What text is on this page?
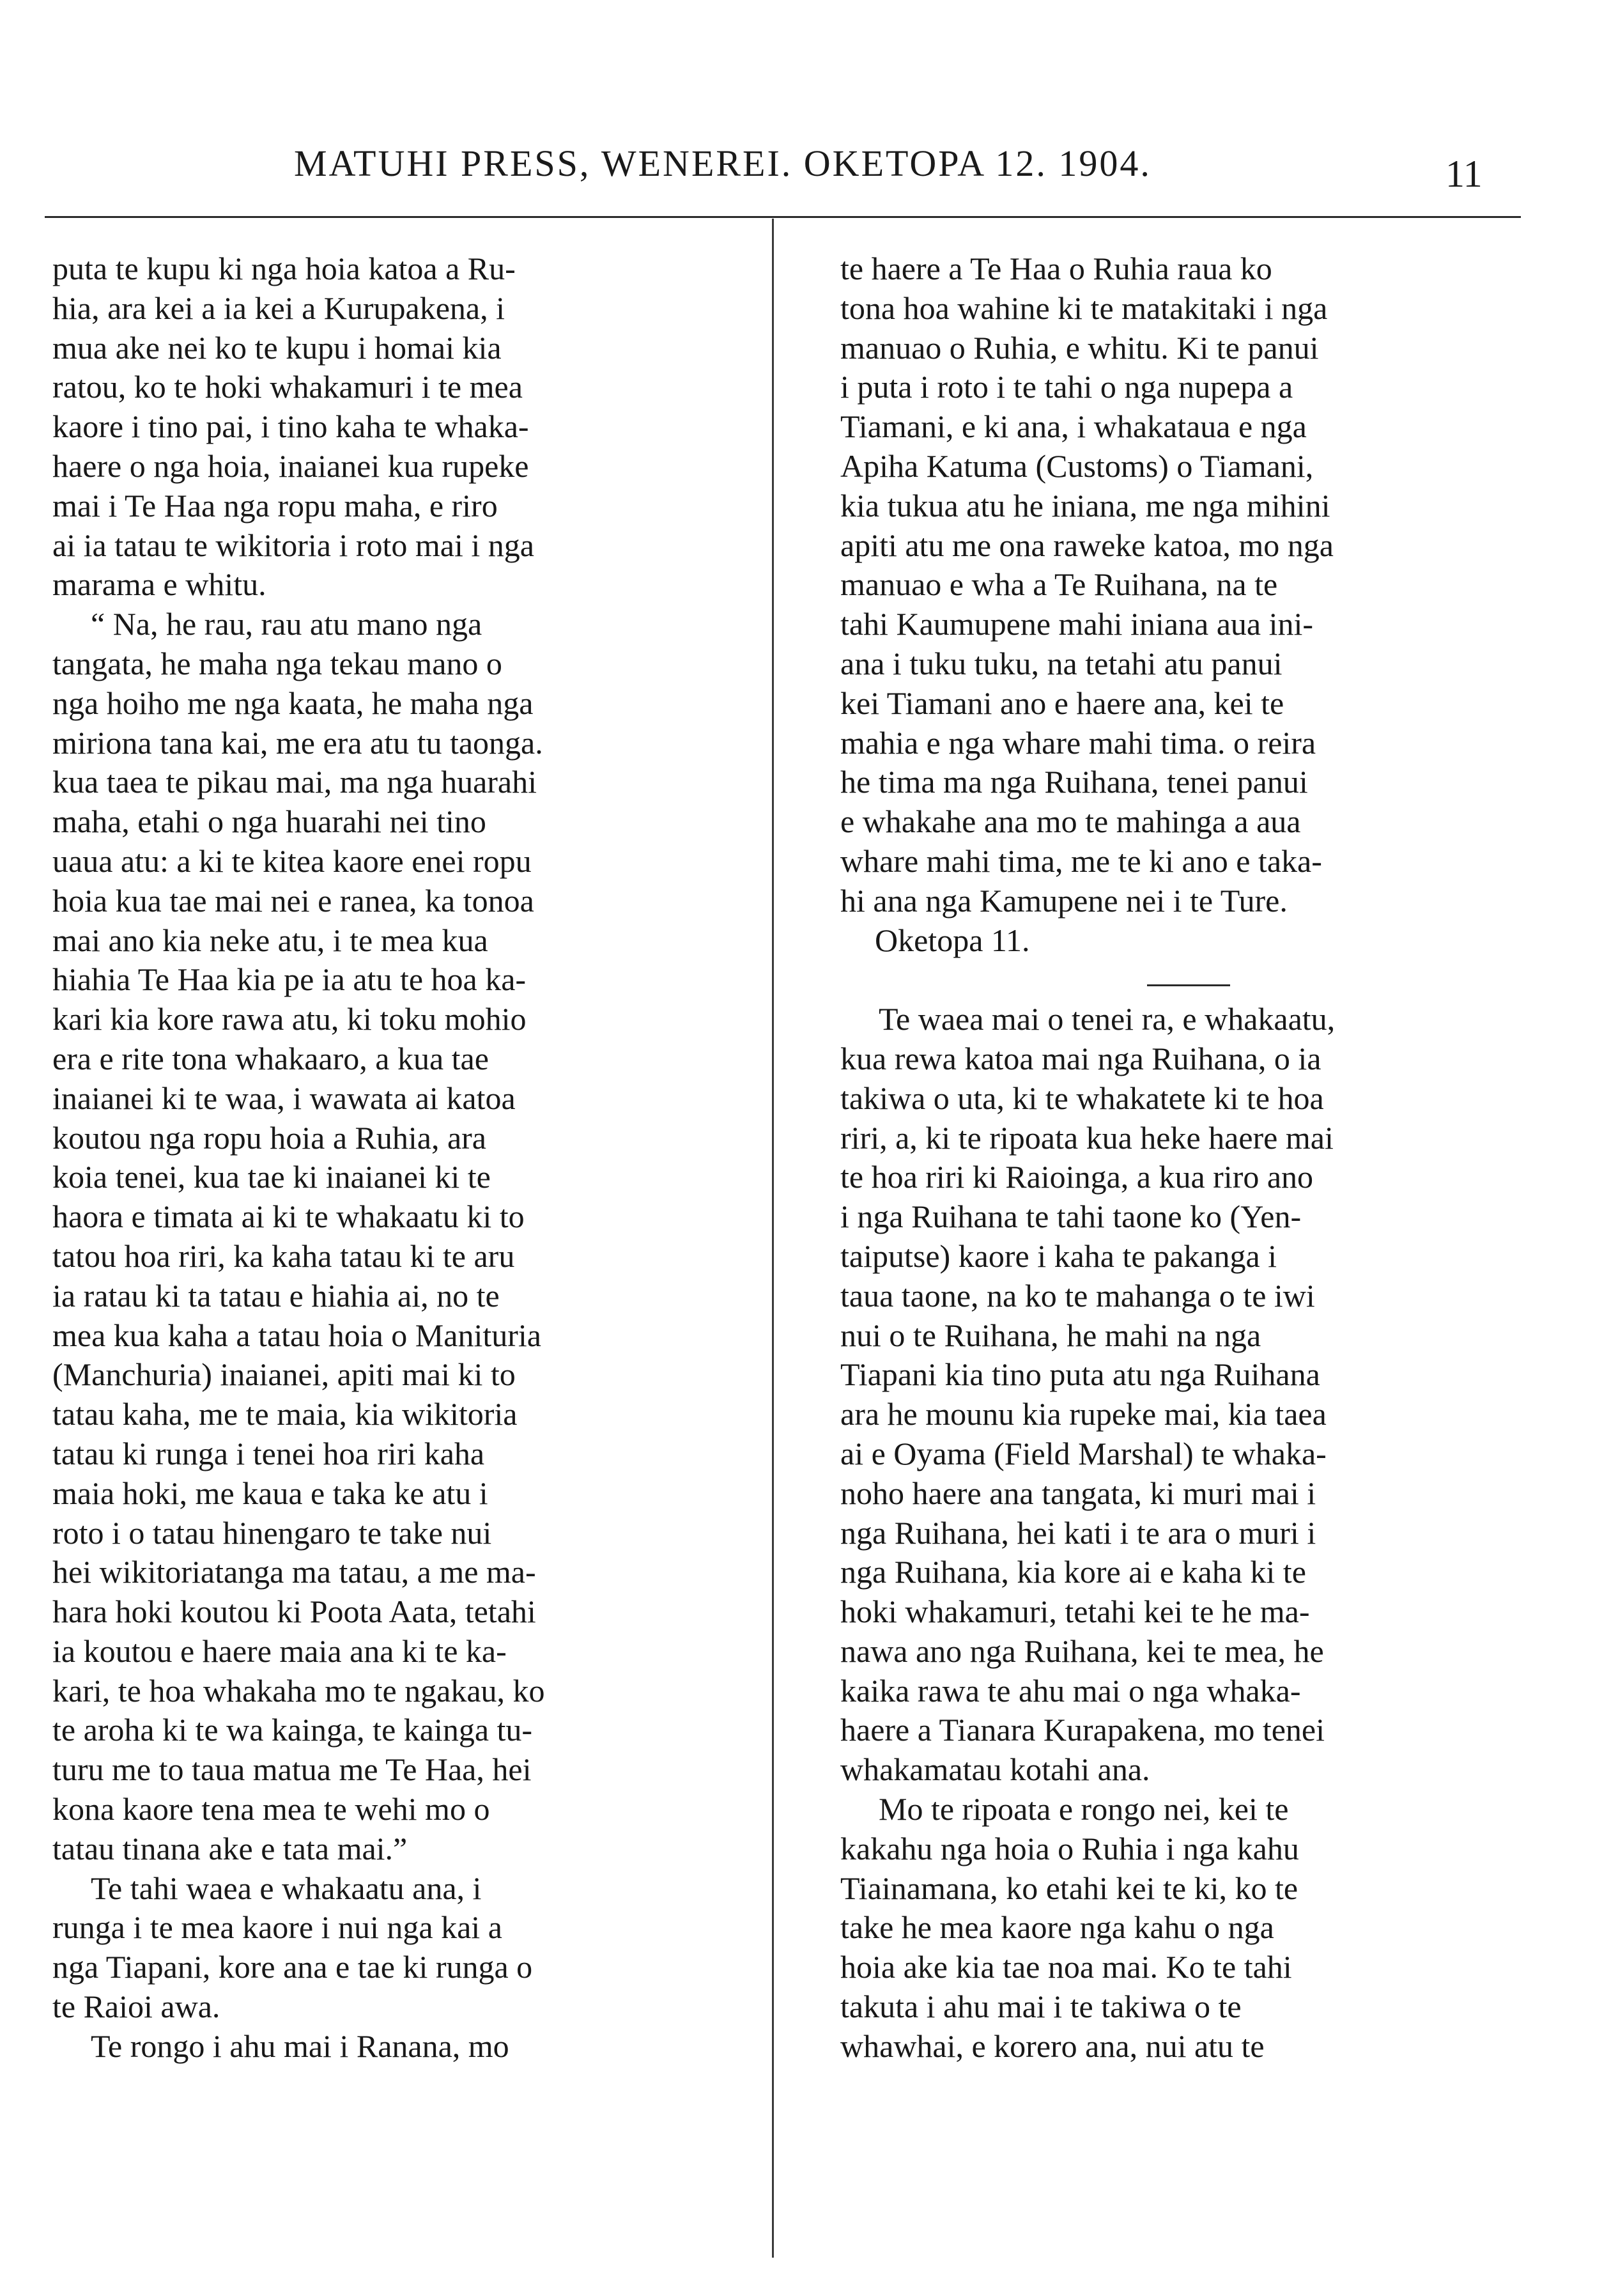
MATUHI PRESS, WENEREI. OKETOPA 12. 1904.	11
puta te kupu ki nga hoia katoa a Ru-
hia, ara kei a ia kei a Kurupakena, i
mua ake nei ko te kupu i homai kia
ratou, ko te hoki whakamuri i te mea
kaore i tino pai, i tino kaha te whaka-
haere o nga hoia, inaianei kua rupeke
mai i Te Haa nga ropu maha, e riro
ai ia tatau te wikitoria i roto mai i nga
marama e whitu.
“ Na, he rau, rau atu mano nga
tangata, he maha nga tekau mano o
nga hoiho me nga kaata, he maha nga
miriona tana kai, me era atu tu taonga.
kua taea te pikau mai, ma nga huarahi
maha, etahi o nga huarahi nei tino
uaua atu: a ki te kitea kaore enei ropu
hoia kua tae mai nei e ranea, ka tonoa
mai ano kia neke atu, i te mea kua
hiahia Te Haa kia pe ia atu te hoa ka-
kari kia kore rawa atu, ki toku mohio
era e rite tona whakaaro, a kua tae
inaianei ki te waa, i wawata ai katoa
koutou nga ropu hoia a Ruhia, ara
koia tenei, kua tae ki inaianei ki te
haora e timata ai ki te whakaatu ki to
tatou hoa riri, ka kaha tatau ki te aru
ia ratau ki ta tatau e hiahia ai, no te
mea kua kaha a tatau hoia o Manituria
(Manchuria) inaianei, apiti mai ki to
tatau kaha, me te maia, kia wikitoria
tatau ki runga i tenei hoa riri kaha
maia hoki, me kaua e taka ke atu i
roto i o tatau hinengaro te take nui
hei wikitoriatanga ma tatau, a me ma-
hara hoki koutou ki Poota Aata, tetahi
ia koutou e haere maia ana ki te ka-
kari, te hoa whakaha mo te ngakau, ko
te aroha ki te wa kainga, te kainga tu-
turu me to taua matua me Te Haa, hei
kona kaore tena mea te wehi mo o
tatau tinana ake e tata mai.”
Te tahi waea e whakaatu ana, i
runga i te mea kaore i nui nga kai a
nga Tiapani, kore ana e tae ki runga o
te Raioi awa.
Te rongo i ahu mai i Ranana, mo
te haere a Te Haa o Ruhia raua ko
tona hoa wahine ki te matakitaki i nga
manuao o Ruhia, e whitu. Ki te panui
i puta i roto i te tahi o nga nupepa a
Tiamani, e ki ana, i whakataua e nga
Apiha Katuma (Customs) o Tiamani,
kia tukua atu he iniana, me nga mihini
apiti atu me ona raweke katoa, mo nga
manuao e wha a Te Ruihana, na te
tahi Kaumupene mahi iniana aua ini-
ana i tuku tuku, na tetahi atu panui
kei Tiamani ano e haere ana, kei te
mahia e nga whare mahi tima. o reira
he tima ma nga Ruihana, tenei panui
e whakahe ana mo te mahinga a aua
whare mahi tima, me te ki ano e taka-
hi ana nga Kamupene nei i te Ture.
Oketopa 11.
Te waea mai o tenei ra, e whakaatu,
kua rewa katoa mai nga Ruihana, o ia
takiwa o uta, ki te whakatete ki te hoa
riri, a, ki te ripoata kua heke haere mai
te hoa riri ki Raioinga, a kua riro ano
i nga Ruihana te tahi taone ko (Yen-
taiputse) kaore i kaha te pakanga i
taua taone, na ko te mahanga o te iwi
nui o te Ruihana, he mahi na nga
Tiapani kia tino puta atu nga Ruihana
ara he mounu kia rupeke mai, kia taea
ai e Oyama (Field Marshal) te whaka-
noho haere ana tangata, ki muri mai i
nga Ruihana, hei kati i te ara o muri i
nga Ruihana, kia kore ai e kaha ki te
hoki whakamuri, tetahi kei te he ma-
nawa ano nga Ruihana, kei te mea, he
kaika rawa te ahu mai o nga whaka-
haere a Tianara Kurapakena, mo tenei
whakamatau kotahi ana.
Mo te ripoata e rongo nei, kei te
kakahu nga hoia o Ruhia i nga kahu
Tiainamana, ko etahi kei te ki, ko te
take he mea kaore nga kahu o nga
hoia ake kia tae noa mai. Ko te tahi
takuta i ahu mai i te takiwa o te
whawhai, e korero ana, nui atu te
